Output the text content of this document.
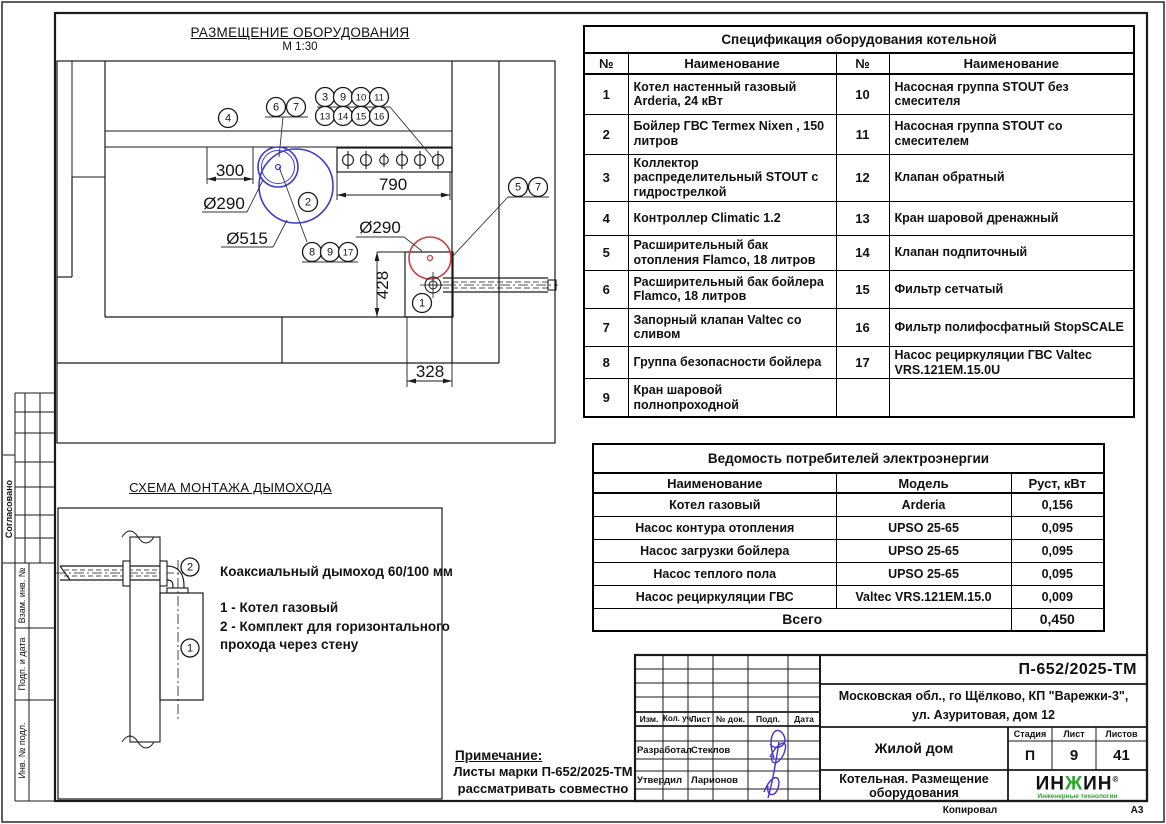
300
790
Ø290
Ø515
Ø290
328
428
4
6 7
3 9 10 11
13 14 15 16
2
8 9 17
5 7
1
Коаксиальный дымоход 60/100 мм
1 - Котел газовый
2 - Комплект для горизонтального
прохода через стену
2
1
РАЗМЕЩЕНИЕ ОБОРУДОВАНИЯ
М 1:30
СХЕМА МОНТАЖА ДЫМОХОДА
Примечание:
Листы марки П-652/2025-ТМ
рассматривать совместно
Спецификация оборудования котельной			
№	Наименование	№	Наименование
1	Котел настенный газовый Arderia, 24 кВт	10	Насосная группа STOUT без смесителя
2	Бойлер ГВС Termex Nixen , 150 литров	11	Насосная группа STOUT со смесителем
3	Коллектор распределительный STOUT с гидрострелкой	12	Клапан обратный
4	Контроллер Climatic 1.2	13	Кран шаровой дренажный
5	Расширительный бак отопления Flamco, 18 литров	14	Клапан подпиточный
6	Расширительный бак бойлера Flamco, 18 литров	15	Фильтр сетчатый
7	Запорный клапан Valtec со сливом	16	Фильтр полифосфатный StopSCALE
8	Группа безопасности бойлера	17	Насос рециркуляции ГВС Valtec VRS.121EM.15.0U
9	Кран шаровой полнопроходной		
Ведомость потребителей электроэнергии		
Наименование	Модель	Руст, кВт
Котел газовый	Arderia	0,156
Насос контура отопления	UPSO 25-65	0,095
Насос загрузки бойлера	UPSO 25-65	0,095
Насос теплого пола	UPSO 25-65	0,095
Насос рециркуляции ГВС	Valtec VRS.121EM.15.0	0,009
Всего		0,450
П-652/2025-ТМ
Московская обл., го Щёлково, КП "Варежки-3",
ул. Азуритовая, дом 12
Жилой дом
Стадия	Лист	Листов
П	9	41
Котельная. Размещение
оборудования	ИНЖИН®
Инженерные технологии
Изм. Кол. уч.
Лист № док.	Подп.	Дата
Разработал Стеклов
Утвердил Ларионов
Копировал	А3
Согласовано
Взам. инв. №
Подп. и дата
Инв. № подл.
